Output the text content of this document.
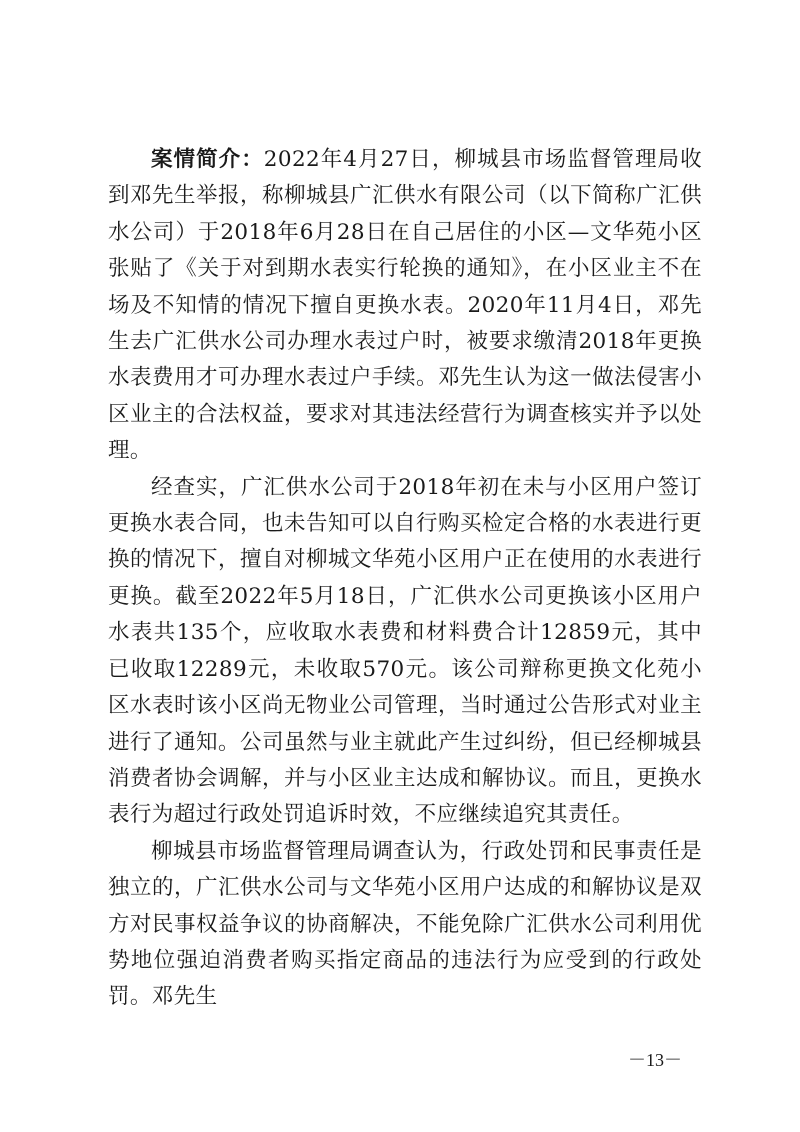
案情简介：2022年4月27日，柳城县市场监督管理局收到邓先生举报，称柳城县广汇供水有限公司（以下简称广汇供水公司）于2018年6月28日在自己居住的小区—文华苑小区张贴了《关于对到期水表实行轮换的通知》，在小区业主不在场及不知情的情况下擅自更换水表。2020年11月4日，邓先生去广汇供水公司办理水表过户时，被要求缴清2018年更换水表费用才可办理水表过户手续。邓先生认为这一做法侵害小区业主的合法权益，要求对其违法经营行为调查核实并予以处理。

经查实，广汇供水公司于2018年初在未与小区用户签订更换水表合同，也未告知可以自行购买检定合格的水表进行更换的情况下，擅自对柳城文华苑小区用户正在使用的水表进行更换。截至2022年5月18日，广汇供水公司更换该小区用户水表共135个，应收取水表费和材料费合计12859元，其中已收取12289元，未收取570元。该公司辩称更换文化苑小区水表时该小区尚无物业公司管理，当时通过公告形式对业主进行了通知。公司虽然与业主就此产生过纠纷，但已经柳城县消费者协会调解，并与小区业主达成和解协议。而且，更换水表行为超过行政处罚追诉时效，不应继续追究其责任。

柳城县市场监督管理局调查认为，行政处罚和民事责任是独立的，广汇供水公司与文华苑小区用户达成的和解协议是双方对民事权益争议的协商解决，不能免除广汇供水公司利用优势地位强迫消费者购买指定商品的违法行为应受到的行政处罚。邓先生

－13－
